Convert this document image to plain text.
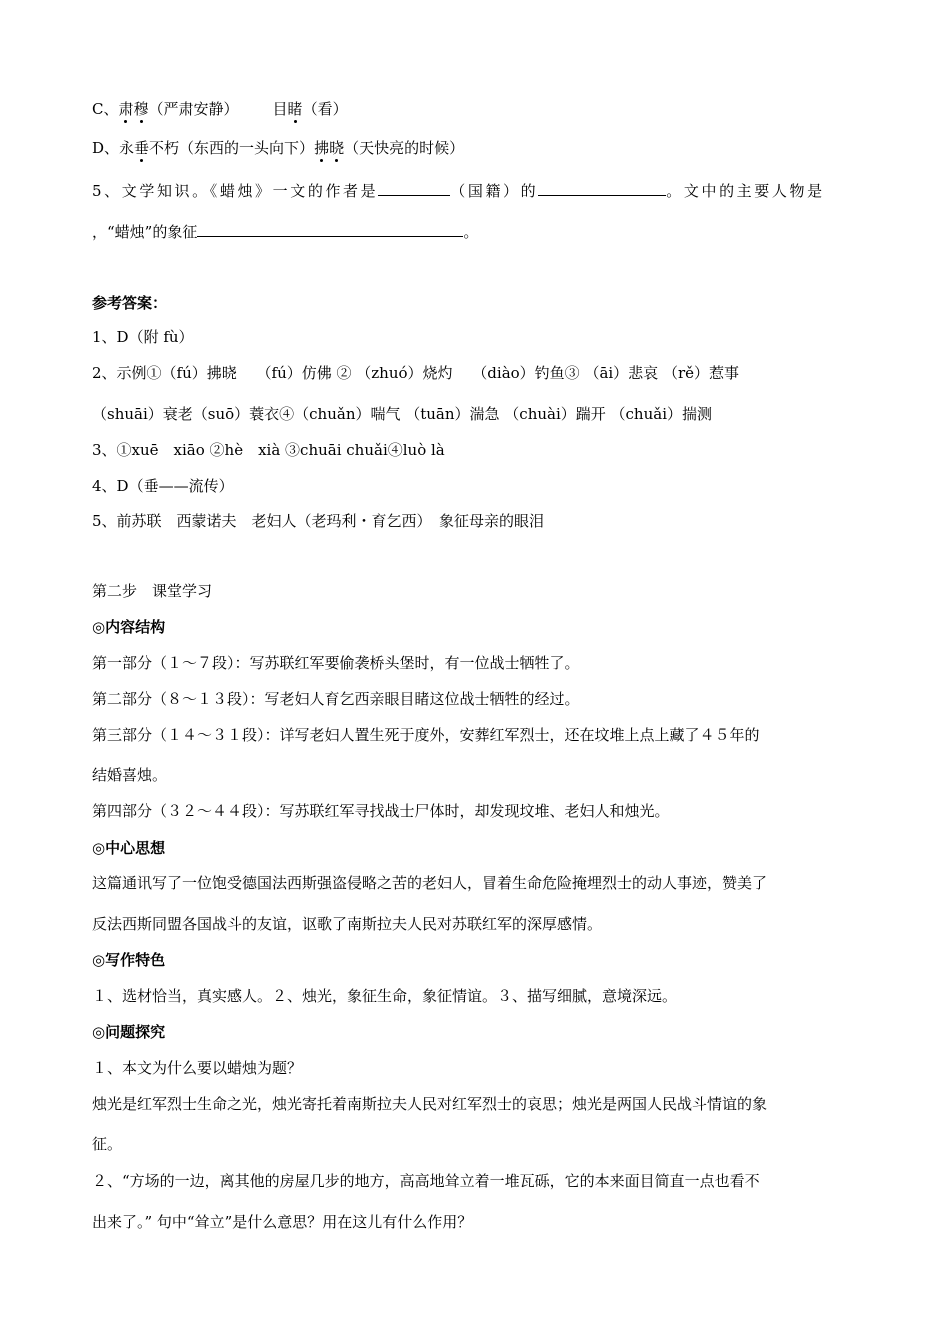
C、肃穆（严肃安静） 目睹（看）
D、永垂不朽（东西的一头向下）拂晓（天快亮的时候）
5、文学知识。《蜡烛》一文的作者是	（国籍）的	。文中的主要人物是
，“蜡烛”的象征	。
参考答案：
1、D（附 fù）
2、示例①（fú）拂晓　 （fú）仿佛 ② （zhuó）烧灼　 （diào）钓鱼③ （āi）悲哀 （rě）惹事
（shuāi）衰老（suō）蓑衣④（chuǎn）喘气 （tuān）湍急 （chuài）踹开 （chuǎi）揣测
3、①xuē　xiāo ②hè　xià ③chuāi chuǎi④luò là
4、D（垂——流传）
5、前苏联　西蒙诺夫　老妇人（老玛利・育乞西）　象征母亲的眼泪
第二步　课堂学习
◎内容结构
第一部分（１～７段）：写苏联红军要偷袭桥头堡时，有一位战士牺牲了。
第二部分（８～１３段）：写老妇人育乞西亲眼目睹这位战士牺牲的经过。
第三部分（１４～３１段）：详写老妇人置生死于度外，安葬红军烈士，还在坟堆上点上藏了４５年的
结婚喜烛。
第四部分（３２～４４段）：写苏联红军寻找战士尸体时，却发现坟堆、老妇人和烛光。
◎中心思想
这篇通讯写了一位饱受德国法西斯强盗侵略之苦的老妇人，冒着生命危险掩埋烈士的动人事迹，赞美了
反法西斯同盟各国战斗的友谊，讴歌了南斯拉夫人民对苏联红军的深厚感情。
◎写作特色
１、选材恰当，真实感人。２、烛光，象征生命，象征情谊。３、描写细腻，意境深远。
◎问题探究
１、本文为什么要以蜡烛为题？
烛光是红军烈士生命之光，烛光寄托着南斯拉夫人民对红军烈士的哀思；烛光是两国人民战斗情谊的象
征。
２、“方场的一边，离其他的房屋几步的地方，高高地耸立着一堆瓦砾，它的本来面目简直一点也看不
出来了。” 句中“耸立”是什么意思？用在这儿有什么作用？
